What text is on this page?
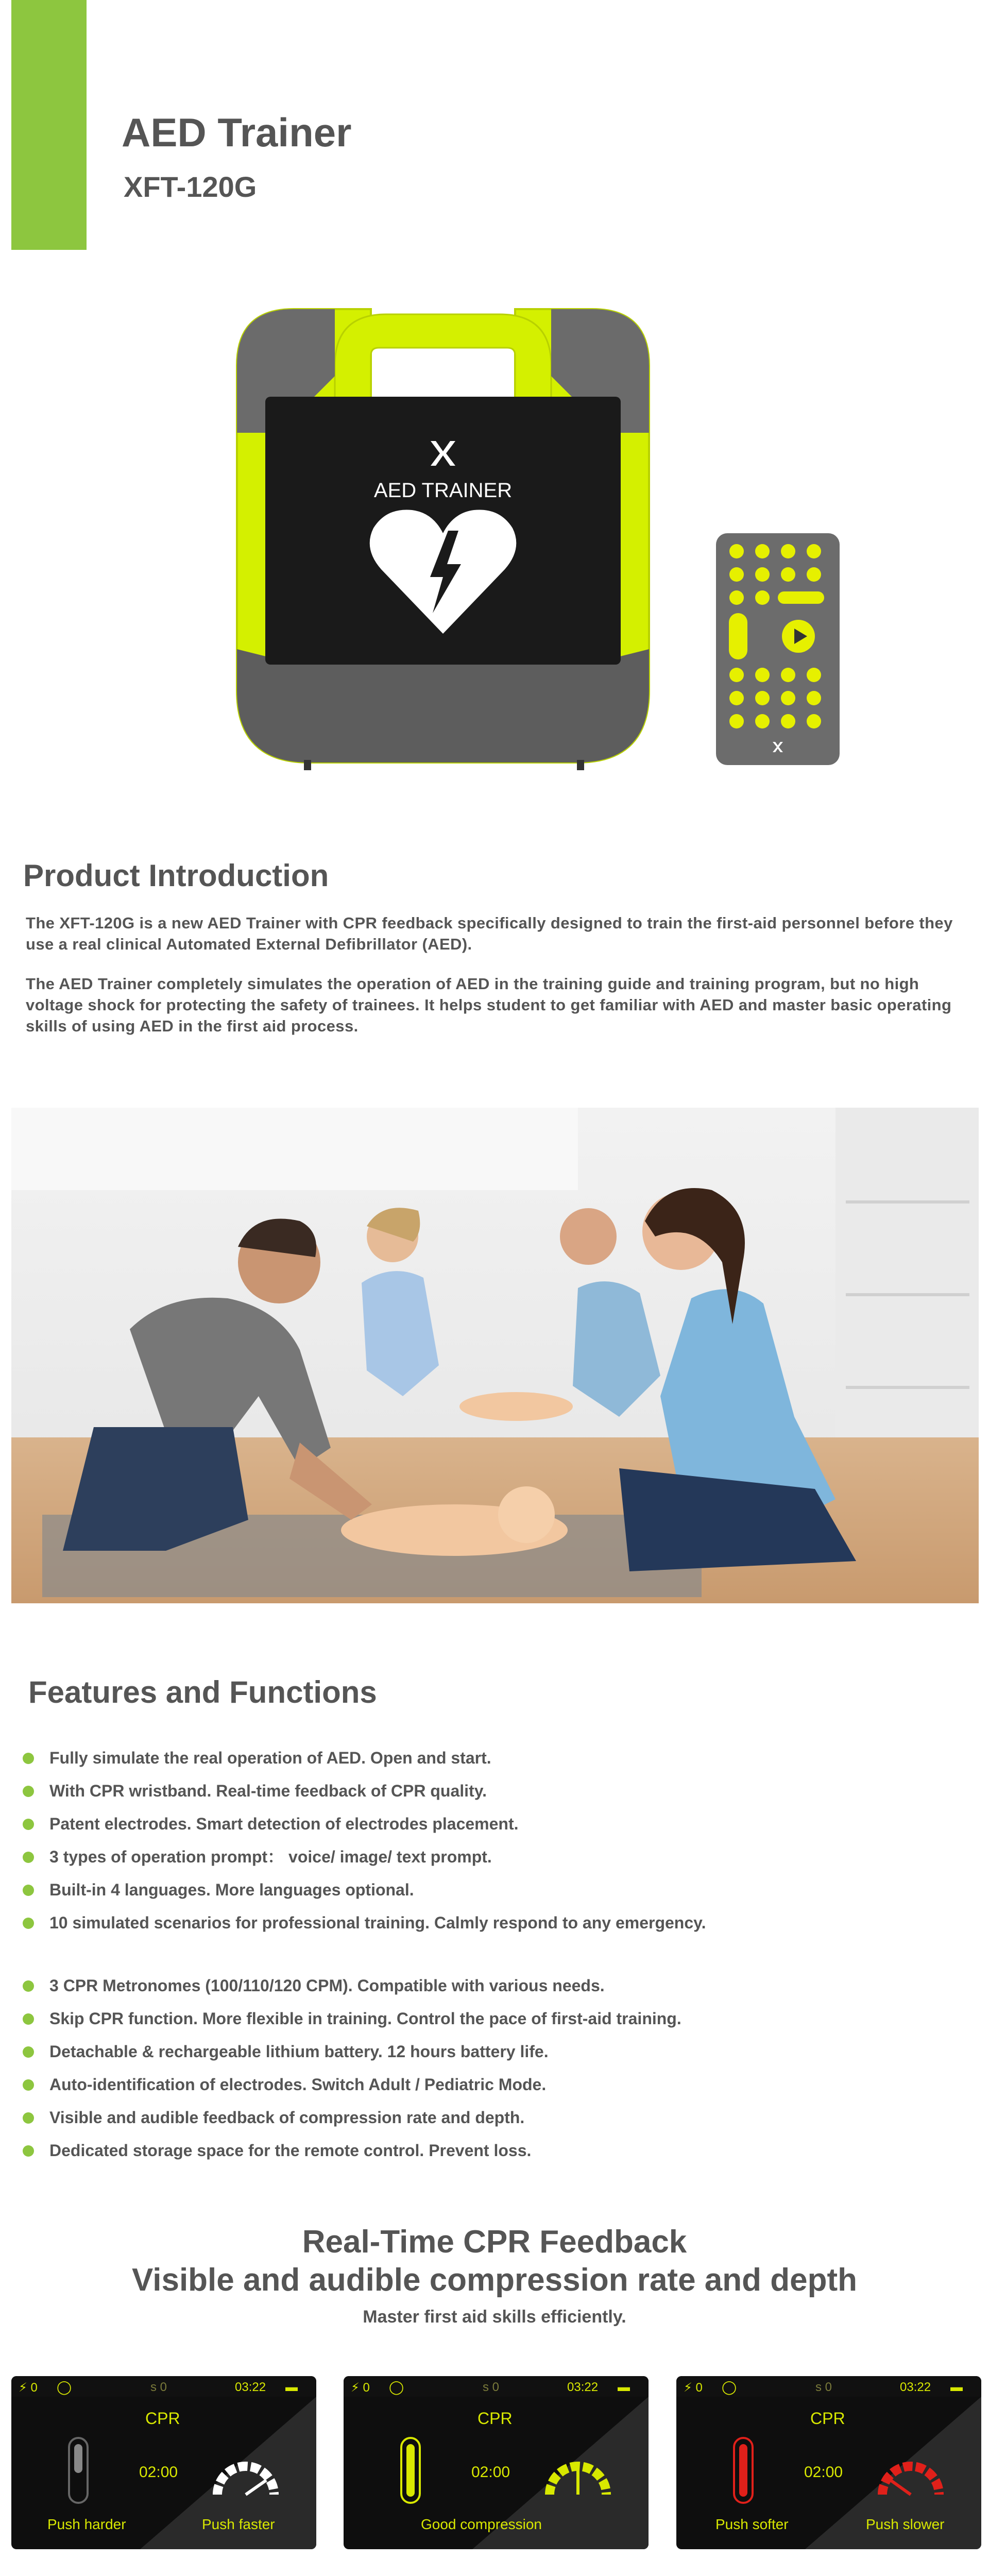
AED Trainer
XFT-120G
AED TRAINER
Product Introduction

The XFT-120G is a new AED Trainer with CPR feedback specifically designed to train the first-aid personnel before they use a real clinical Automated External Defibrillator (AED).

The AED Trainer completely simulates the operation of AED in the training guide and training program, but no high voltage shock for protecting the safety of trainees. It helps student to get familiar with AED and master basic operating skills of using AED in the first aid process.

Features and Functions
Fully simulate the real operation of AED. Open and start.
With CPR wristband. Real-time feedback of CPR quality.
Patent electrodes. Smart detection of electrodes placement.
3 types of operation prompt： voice/ image/ text prompt.
Built-in 4 languages. More languages optional.
10 simulated scenarios for professional training. Calmly respond to any emergency.
3 CPR Metronomes (100/110/120 CPM). Compatible with various needs.
Skip CPR function. More flexible in training. Control the pace of first-aid training.
Detachable & rechargeable lithium battery. 12 hours battery life.
Auto-identification of electrodes. Switch Adult / Pediatric Mode.
Visible and audible feedback of compression rate and depth.
Dedicated storage space for the remote control. Prevent loss.
Real-Time CPR Feedback
Visible and audible compression rate and depth
Master first aid skills efficiently.
⚡ 0 ◯	s 0	03:22 ▬
CPR
02:00
Push harder	Push faster
⚡ 0 ◯	s 0	03:22 ▬
CPR
02:00
Good compression
⚡ 0 ◯	s 0	03:22 ▬
CPR
02:00
Push softer	Push slower
